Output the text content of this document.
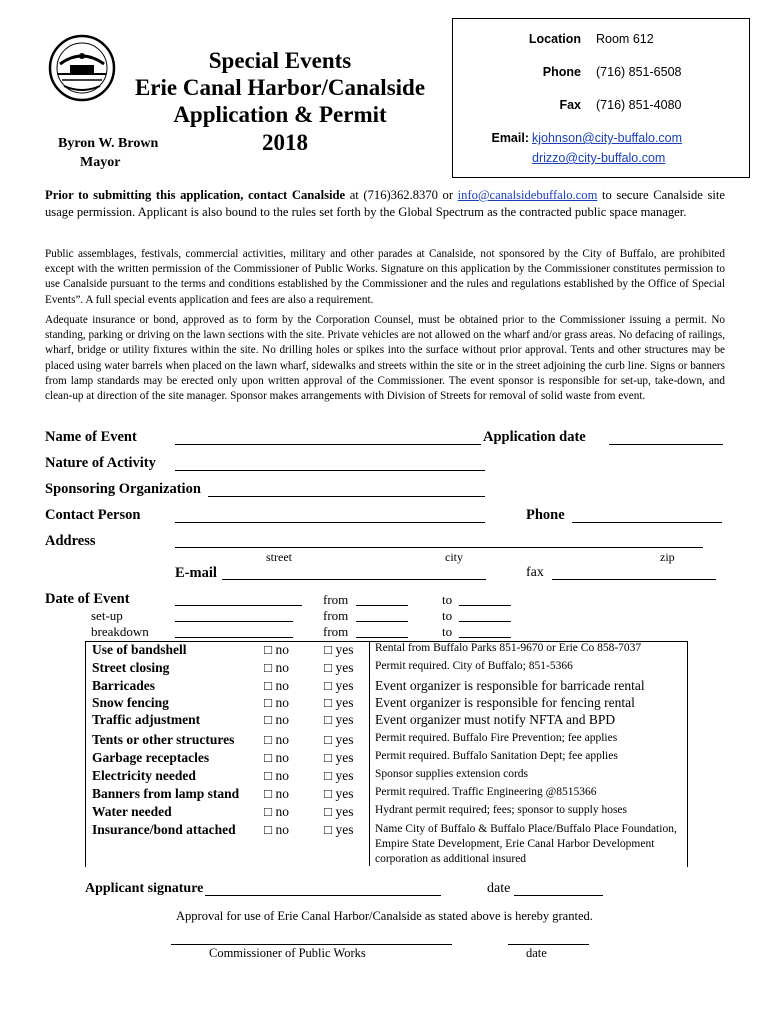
Special Events
Erie Canal Harbor/Canalside
Application & Permit
2018
Byron W. Brown
Mayor
Location Room 612
Phone (716) 851-6508
Fax (716) 851-4080
Email: kjohnson@city-buffalo.com
drizzo@city-buffalo.com
Prior to submitting this application, contact Canalside at (716)362.8370 or info@canalsidebuffalo.com to secure Canalside site usage permission. Applicant is also bound to the rules set forth by the Global Spectrum as the contracted public space manager.
Public assemblages, festivals, commercial activities, military and other parades at Canalside, not sponsored by the City of Buffalo, are prohibited except with the written permission of the Commissioner of Public Works. Signature on this application by the Commissioner constitutes permission to use Canalside pursuant to the terms and conditions established by the Commissioner and the rules and regulations established by the Office of Special Events”. A full special events application and fees are also a requirement.
Adequate insurance or bond, approved as to form by the Corporation Counsel, must be obtained prior to the Commissioner issuing a permit. No standing, parking or driving on the lawn sections with the site. Private vehicles are not allowed on the wharf and/or grass areas. No defacing of railings, wharf, bridge or utility fixtures within the site. No drilling holes or spikes into the surface without prior approval. Tents and other structures may be placed using water barrels when placed on the lawn wharf, sidewalks and streets within the site or in the street adjoining the curb line. Signs or banners from lamp standards may be erected only upon written approval of the Commissioner. The event sponsor is responsible for set-up, take-down, and clean-up at direction of the site manager. Sponsor makes arrangements with Division of Streets for removal of solid waste from event.
Name of Event	Application date
Nature of Activity
Sponsoring Organization
Contact Person	Phone
Address
street	city	zip
E-mail	fax
Date of Event	from	to
set-up	from	to
breakdown	from	to
Use of bandshell	□ no	□ yes Rental from Buffalo Parks 851-9670 or Erie Co 858-7037
Street closing	□ no	□ yes Permit required. City of Buffalo; 851-5366
Barricades	□ no	□ yes Event organizer is responsible for barricade rental
Snow fencing	□ no	□ yes Event organizer is responsible for fencing rental
Traffic adjustment	□ no	□ yes Event organizer must notify NFTA and BPD
Tents or other structures □ no	□ yes Permit required. Buffalo Fire Prevention; fee applies
Garbage receptacles	□ no	□ yes Permit required. Buffalo Sanitation Dept; fee applies
Electricity needed	□ no	□ yes Sponsor supplies extension cords
Banners from lamp stand □ no	□ yes Permit required. Traffic Engineering @8515366
Water needed	□ no	□ yes Hydrant permit required; fees; sponsor to supply hoses
Insurance/bond attached □ no	□ yes Name City of Buffalo & Buffalo Place/Buffalo Place Foundation, Empire State Development, Erie Canal Harbor Development corporation as additional insured
Applicant signature	date
Approval for use of Erie Canal Harbor/Canalside as stated above is hereby granted.
Commissioner of Public Works	date
